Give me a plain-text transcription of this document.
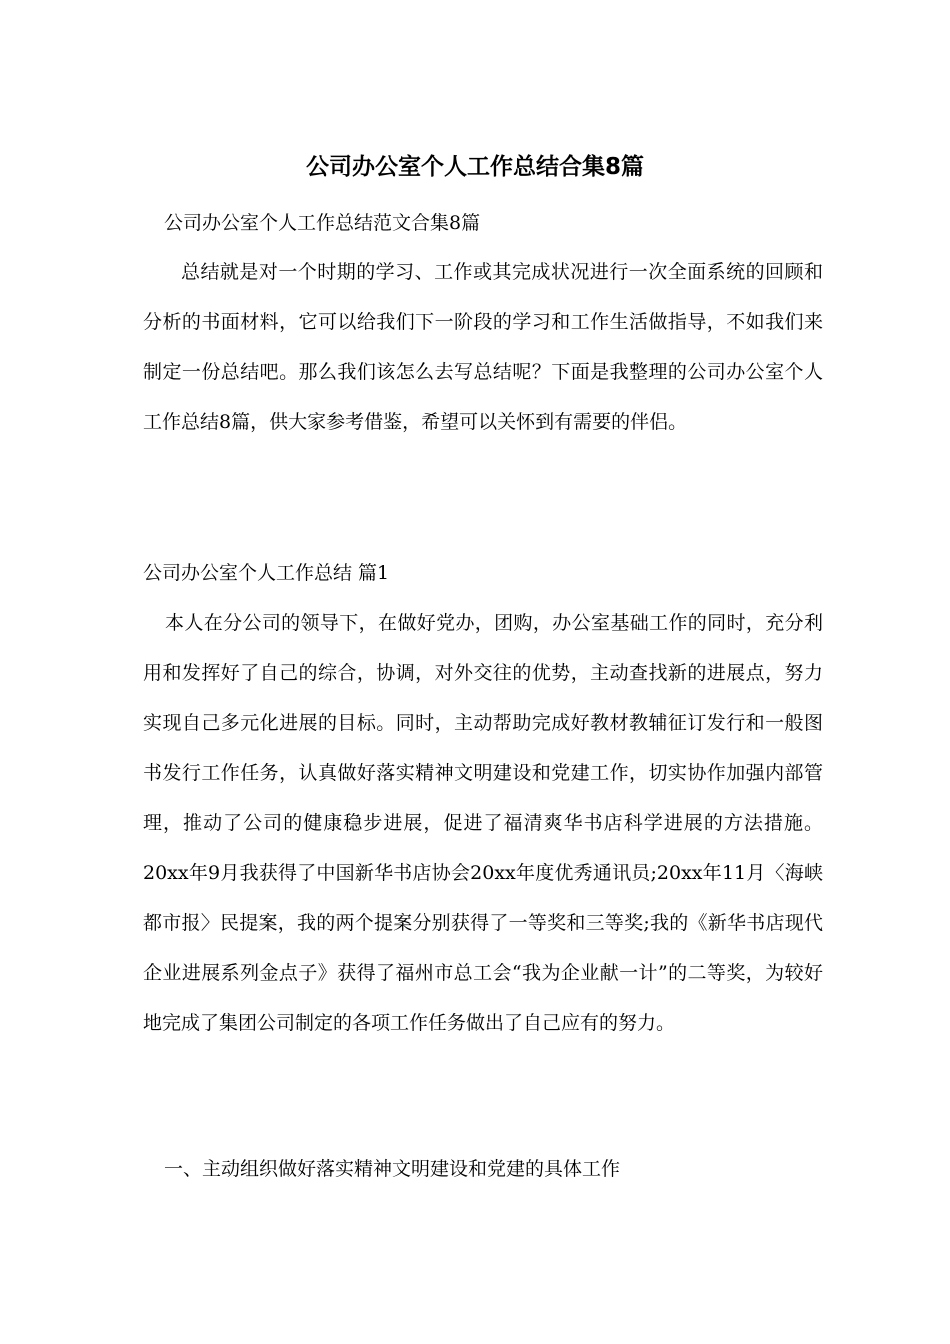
公司办公室个人工作总结合集8篇

公司办公室个人工作总结范文合集8篇

总结就是对一个时期的学习、工作或其完成状况进行一次全面系统的回顾和分析的书面材料，它可以给我们下一阶段的学习和工作生活做指导，不如我们来制定一份总结吧。那么我们该怎么去写总结呢？下面是我整理的公司办公室个人工作总结8篇，供大家参考借鉴，希望可以关怀到有需要的伴侣。

公司办公室个人工作总结 篇1

本人在分公司的领导下，在做好党办，团购，办公室基础工作的同时，充分利用和发挥好了自己的综合，协调，对外交往的优势，主动查找新的进展点，努力实现自己多元化进展的目标。同时，主动帮助完成好教材教辅征订发行和一般图书发行工作任务，认真做好落实精神文明建设和党建工作，切实协作加强内部管理，推动了公司的健康稳步进展，促进了福清爽华书店科学进展的方法措施。20xx年9月我获得了中国新华书店协会20xx年度优秀通讯员;20xx年11月〈海峡都市报〉民提案，我的两个提案分别获得了一等奖和三等奖;我的《新华书店现代企业进展系列金点子》获得了福州市总工会“我为企业献一计”的二等奖，为较好地完成了集团公司制定的各项工作任务做出了自己应有的努力。

一、主动组织做好落实精神文明建设和党建的具体工作
